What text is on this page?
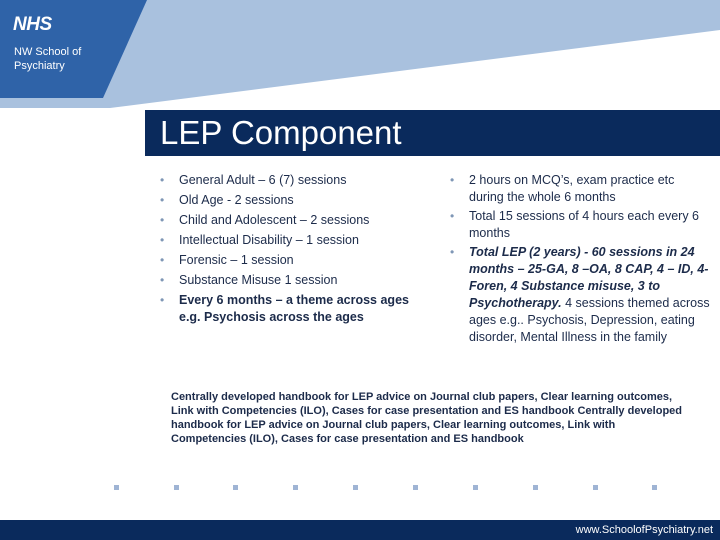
NHS
NW School of Psychiatry
LEP Component
• General Adult – 6 (7) sessions
• Old Age - 2 sessions
• Child and Adolescent – 2 sessions
• Intellectual Disability – 1 session
• Forensic – 1 session
• Substance Misuse 1 session
• Every 6 months – a theme across ages e.g. Psychosis across the ages
• 2 hours on MCQ’s, exam practice etc during the whole 6 months
• Total 15 sessions of 4 hours each every 6 months
• Total LEP (2 years) - 60 sessions in 24 months – 25-GA, 8 –OA, 8 CAP, 4 – ID, 4-Foren, 4 Substance misuse, 3 to Psychotherapy. 4 sessions themed across ages e.g.. Psychosis, Depression, eating disorder, Mental Illness in the family
Centrally developed handbook for LEP advice on Journal club papers, Clear learning outcomes, Link with Competencies (ILO), Cases for case presentation and ES handbook Centrally developed handbook for LEP advice on Journal club papers, Clear learning outcomes, Link with Competencies (ILO), Cases for case presentation and ES handbook
www.SchoolofPsychiatry.net
